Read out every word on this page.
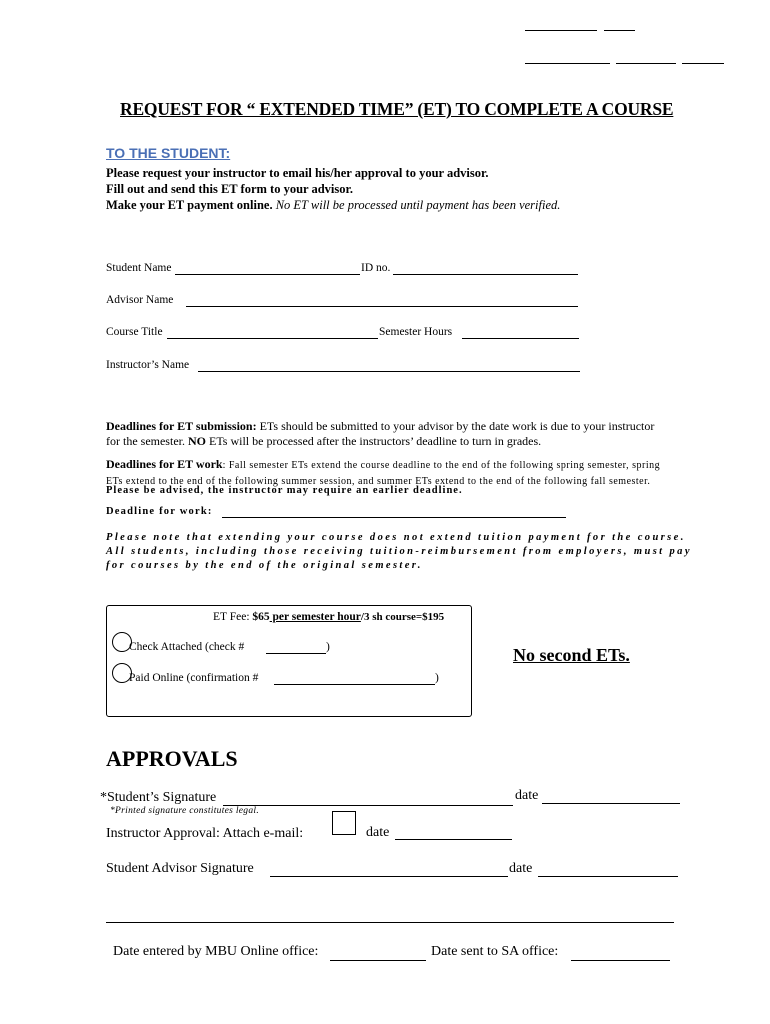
REQUEST FOR “ EXTENDED TIME” (ET) TO COMPLETE A COURSE
TO THE STUDENT:
Please request your instructor to email his/her approval to your advisor.
Fill out and send this ET form to your advisor.
Make your ET payment online. No ET will be processed until payment has been verified.
Student Name	ID no.
Advisor Name
Course Title	Semester Hours
Instructor’s Name
Deadlines for ET submission: ETs should be submitted to your advisor by the date work is due to your instructor
for the semester. NO ETs will be processed after the instructors’ deadline to turn in grades.
Deadlines for ET work: Fall semester ETs extend the course deadline to the end of the following spring semester, spring
ETs extend to the end of the following summer session, and summer ETs extend to the end of the following fall semester.
Please be advised, the instructor may require an earlier deadline.
Deadline for work:
Please note that extending your course does not extend tuition payment for the course. All students, including those receiving tuition-reimbursement from employers, must pay for courses by the end of the original semester.
ET Fee: $65 per semester hour/3 sh course=$195
Check Attached (check #	)
Paid Online (confirmation #	)
No second ETs.
APPROVALS
*Student’s Signature	date
*Printed signature constitutes legal.
Instructor Approval: Attach e-mail:	date
Student Advisor Signature	date
Date entered by MBU Online office:	Date sent to SA office:
